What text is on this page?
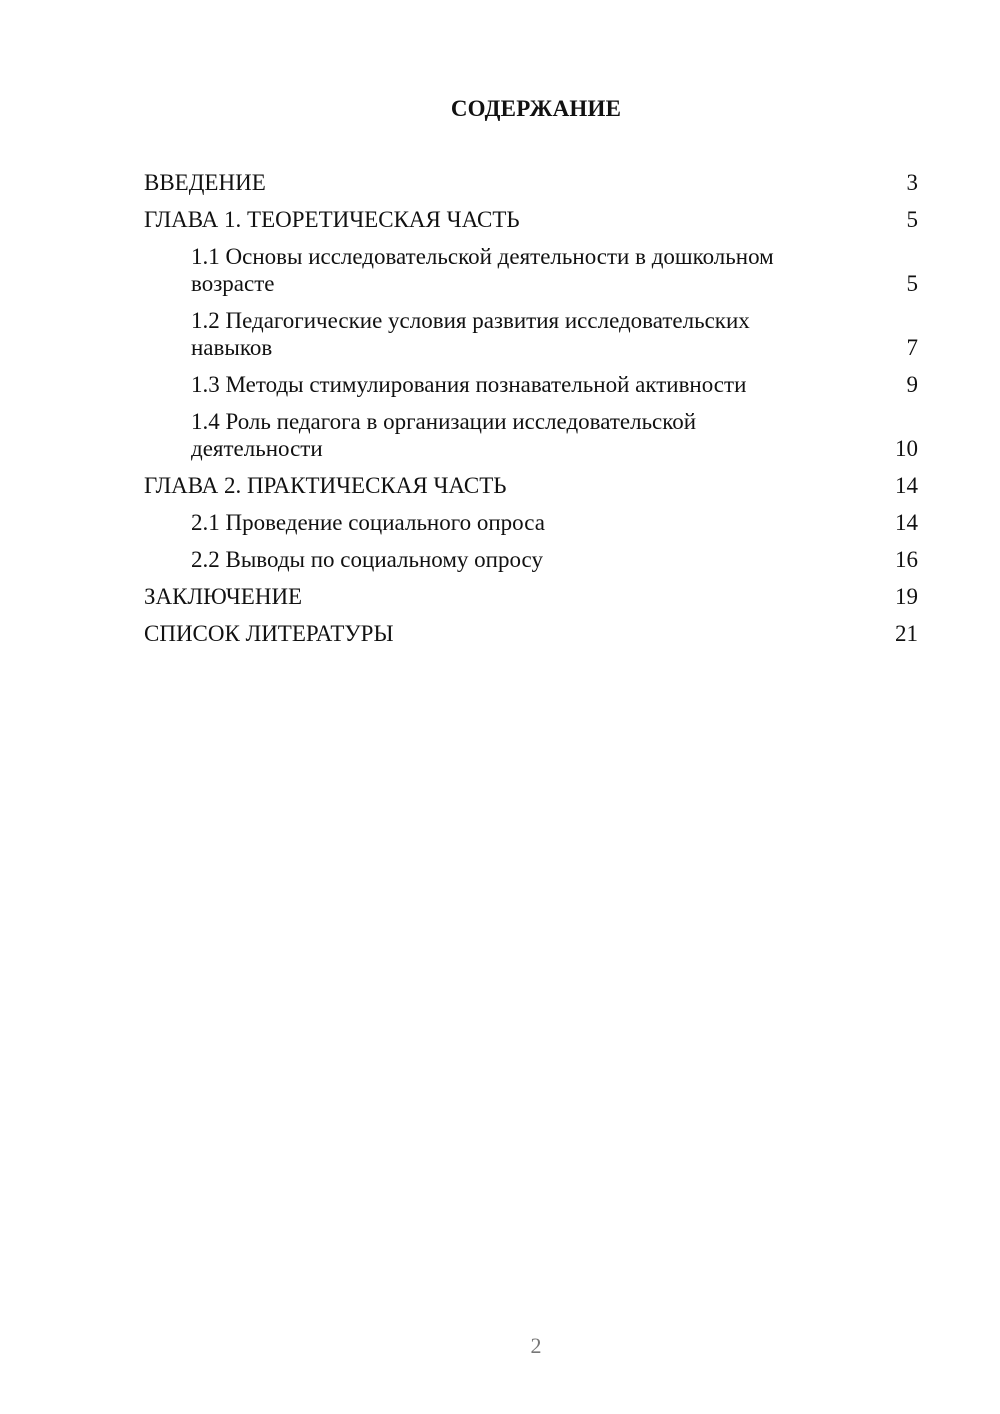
СОДЕРЖАНИЕ
ВВЕДЕНИЕ	3
ГЛАВА 1. ТЕОРЕТИЧЕСКАЯ ЧАСТЬ	5
1.1 Основы исследовательской деятельности в дошкольном возрасте	5
1.2 Педагогические условия развития исследовательских навыков	7
1.3 Методы стимулирования познавательной активности	9
1.4 Роль педагога в организации исследовательской деятельности	10
ГЛАВА 2. ПРАКТИЧЕСКАЯ ЧАСТЬ	14
2.1 Проведение социального опроса	14
2.2 Выводы по социальному опросу	16
ЗАКЛЮЧЕНИЕ	19
СПИСОК ЛИТЕРАТУРЫ	21
2
